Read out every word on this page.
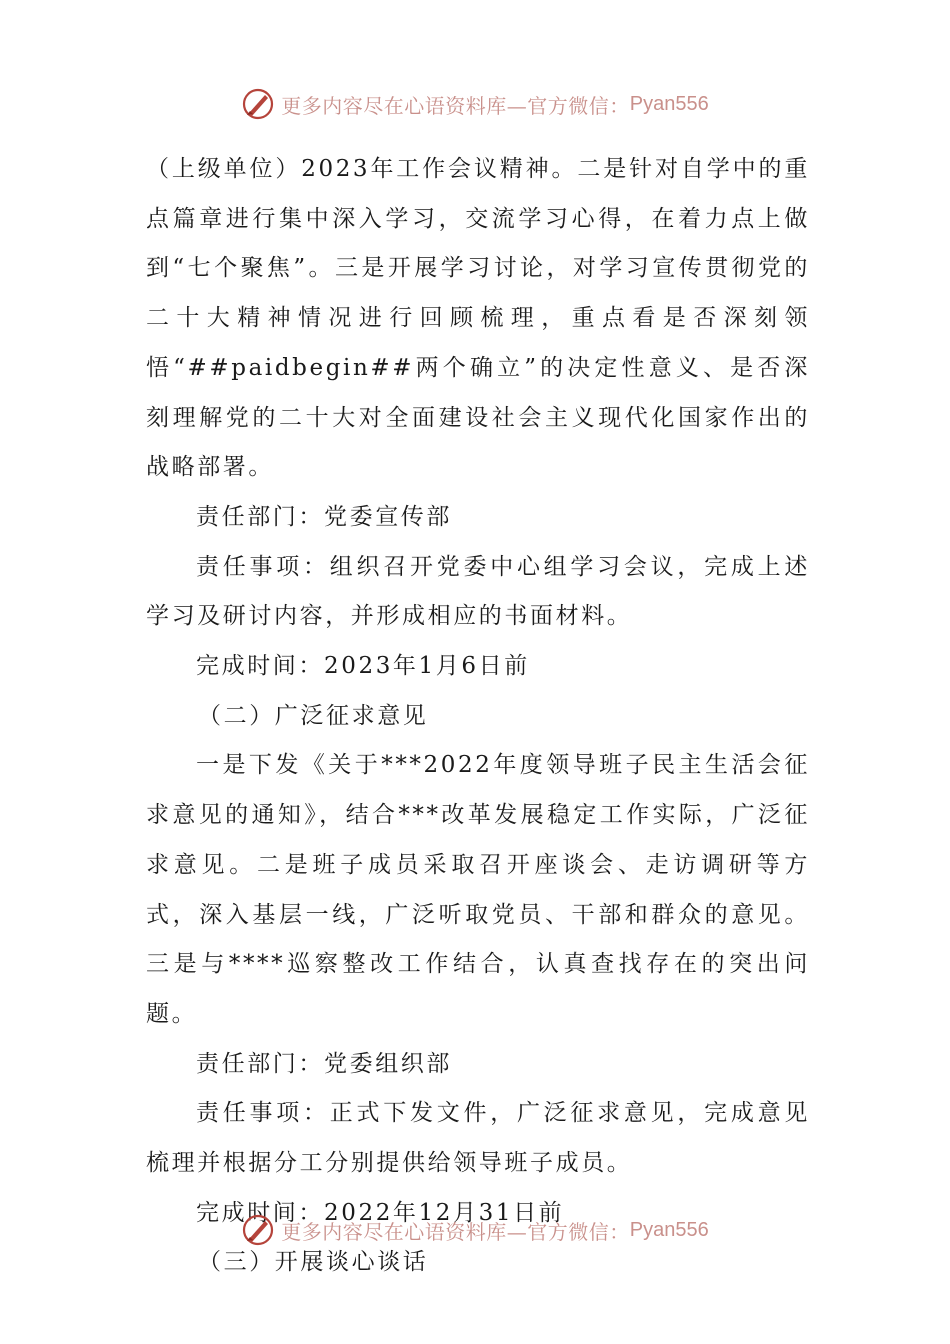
更多内容尽在心语资料库—官方微信： Pyan556

（上级单位）2023年工作会议精神。二是针对自学中的重点篇章进行集中深入学习，交流学习心得，在着力点上做到“七个聚焦”。三是开展学习讨论，对学习宣传贯彻党的二十大精神情况进行回顾梳理，重点看是否深刻领悟“##paidbegin##两个确立”的决定性意义、是否深刻理解党的二十大对全面建设社会主义现代化国家作出的战略部署。

责任部门：党委宣传部

责任事项：组织召开党委中心组学习会议，完成上述学习及研讨内容，并形成相应的书面材料。

完成时间：2023年1月6日前

（二）广泛征求意见

一是下发《关于***2022年度领导班子民主生活会征求意见的通知》，结合***改革发展稳定工作实际，广泛征求意见。二是班子成员采取召开座谈会、走访调研等方式，深入基层一线，广泛听取党员、干部和群众的意见。三是与****巡察整改工作结合，认真查找存在的突出问题。

责任部门：党委组织部

责任事项：正式下发文件，广泛征求意见，完成意见梳理并根据分工分别提供给领导班子成员。

完成时间：2022年12月31日前

（三）开展谈心谈话

更多内容尽在心语资料库—官方微信： Pyan556
